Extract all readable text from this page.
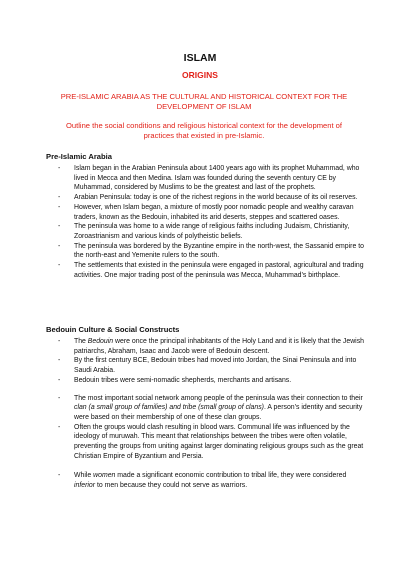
ISLAM
ORIGINS
PRE-ISLAMIC ARABIA AS THE CULTURAL AND HISTORICAL CONTEXT FOR THE DEVELOPMENT OF ISLAM
Outline the social conditions and religious historical context for the development of practices that existed in pre-Islamic.
Pre-Islamic Arabia
- Islam began in the Arabian Peninsula about 1400 years ago with its prophet Muhammad, who lived in Mecca and then Medina. Islam was founded during the seventh century CE by Muhammad, considered by Muslims to be the greatest and last of the prophets.
- Arabian Peninsula: today is one of the richest regions in the world because of its oil reserves.
- However, when Islam began, a mixture of mostly poor nomadic people and wealthy caravan traders, known as the Bedouin, inhabited its arid deserts, steppes and scattered oases.
- The peninsula was home to a wide range of religious faiths including Judaism, Christianity, Zoroastrianism and various kinds of polytheistic beliefs.
- The peninsula was bordered by the Byzantine empire in the north-west, the Sassanid empire to the north-east and Yemenite rulers to the south.
- The settlements that existed in the peninsula were engaged in pastoral, agricultural and trading activities. One major trading post of the peninsula was Mecca, Muhammad’s birthplace.
Bedouin Culture & Social Constructs
- The Bedouin were once the principal inhabitants of the Holy Land and it is likely that the Jewish patriarchs, Abraham, Isaac and Jacob were of Bedouin descent.
- By the first century BCE, Bedouin tribes had moved into Jordan, the Sinai Peninsula and into Saudi Arabia.
- Bedouin tribes were semi-nomadic shepherds, merchants and artisans.
- The most important social network among people of the peninsula was their connection to their clan (a small group of families) and tribe (small group of clans). A person’s identity and security were based on their membership of one of these clan groups.
- Often the groups would clash resulting in blood wars. Communal life was influenced by the ideology of muruwah. This meant that relationships between the tribes were often volatile, preventing the groups from uniting against larger dominating religious groups such as the great Christian Empire of Byzantium and Persia.
- While women made a significant economic contribution to tribal life, they were considered inferior to men because they could not serve as warriors.
